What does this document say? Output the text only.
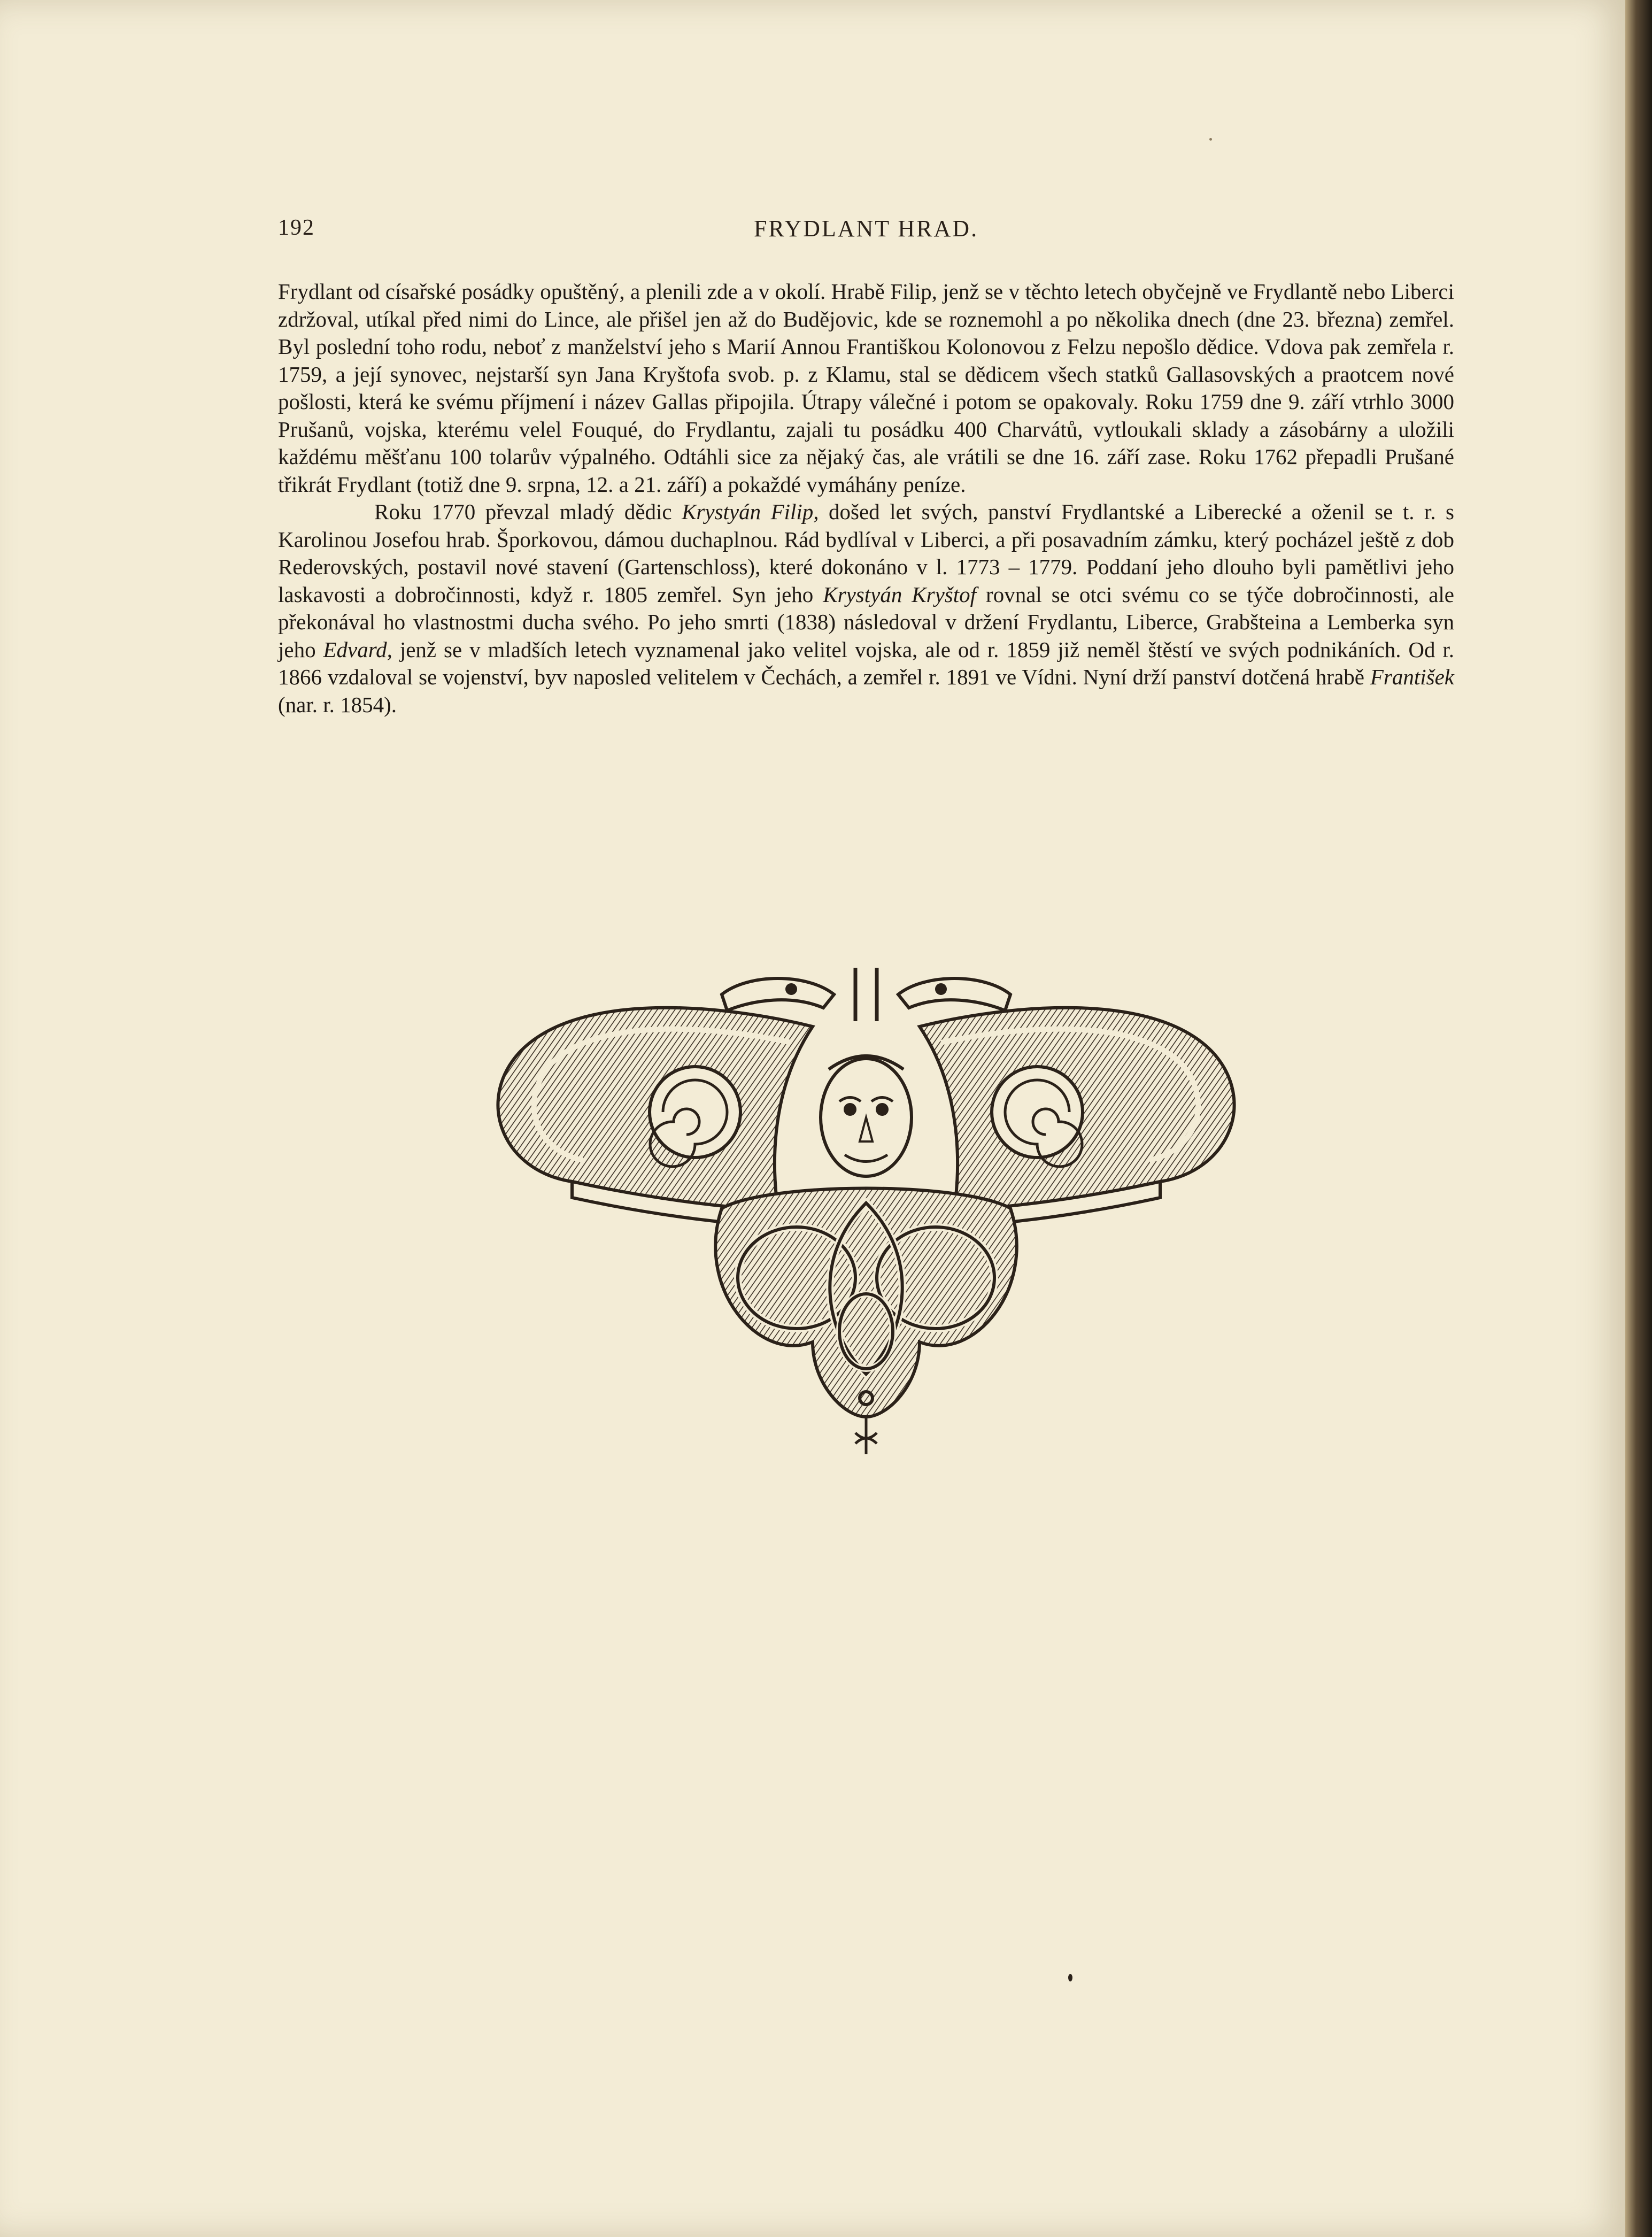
192	FRYDLANT HRAD.

Frydlant od císařské posádky opuštěný, a plenili zde a v okolí. Hrabě Filip, jenž se v těchto letech obyčejně ve Frydlantě nebo Liberci zdržoval, utíkal před nimi do Lince, ale přišel jen až do Budějovic, kde se roznemohl a po několika dnech (dne 23. března) zemřel. Byl poslední toho rodu, neboť z manželství jeho s Marií Annou Františkou Kolonovou z Felzu nepošlo dědice. Vdova pak zemřela r. 1759, a její synovec, nejstarší syn Jana Kryštofa svob. p. z Klamu, stal se dědicem všech statků Gallasovských a praotcem nové pošlosti, která ke svému příjmení i název Gallas připojila. Útrapy válečné i potom se opakovaly. Roku 1759 dne 9. září vtrhlo 3000 Prušanů, vojska, kterému velel Fouqué, do Frydlantu, zajali tu posádku 400 Charvátů, vytloukali sklady a zásobárny a uložili každému měšťanu 100 tolarův výpalného. Odtáhli sice za nějaký čas, ale vrátili se dne 16. září zase. Roku 1762 přepadli Prušané třikrát Frydlant (totiž dne 9. srpna, 12. a 21. září) a pokaždé vymáhány peníze.

Roku 1770 převzal mladý dědic Krystyán Filip, došed let svých, panství Frydlantské a Liberecké a oženil se t. r. s Karolinou Josefou hrab. Šporkovou, dámou duchaplnou. Rád bydlíval v Liberci, a při posavadním zámku, který pocházel ještě z dob Rederovských, postavil nové stavení (Gartenschloss), které dokonáno v l. 1773 – 1779. Poddaní jeho dlouho byli pamětlivi jeho laskavosti a dobročinnosti, když r. 1805 zemřel. Syn jeho Krystyán Kryštof rovnal se otci svému co se týče dobročinnosti, ale překonával ho vlastnostmi ducha svého. Po jeho smrti (1838) následoval v držení Frydlantu, Liberce, Grabšteina a Lemberka syn jeho Edvard, jenž se v mladších letech vyznamenal jako velitel vojska, ale od r. 1859 již neměl štěstí ve svých podnikáních. Od r. 1866 vzdaloval se vojenství, byv naposled velitelem v Čechách, a zemřel r. 1891 ve Vídni. Nyní drží panství dotčená hrabě František (nar. r. 1854).
